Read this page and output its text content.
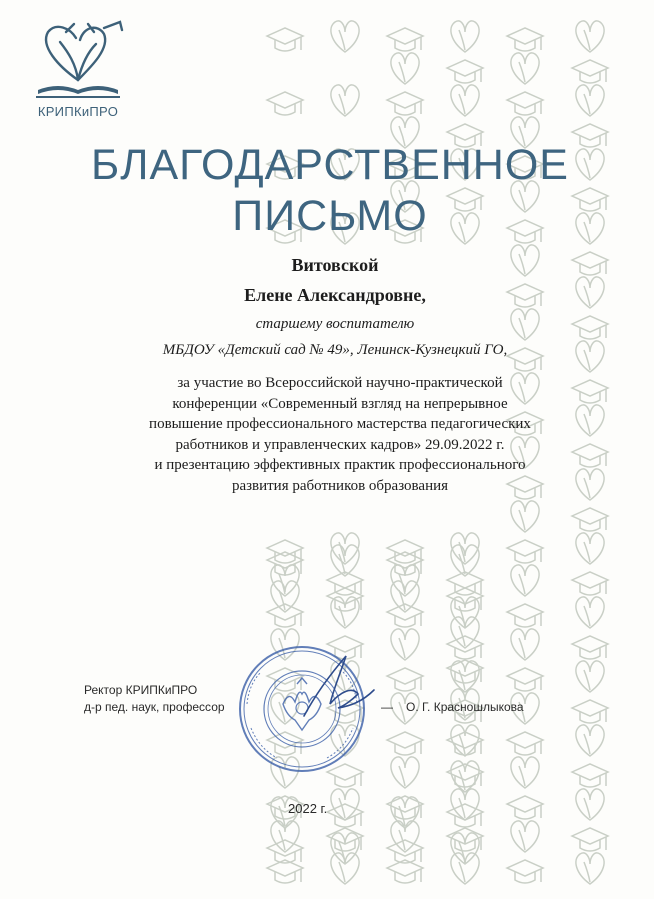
КРИПКиПРО
БЛАГОДАРСТВЕННОЕ
ПИСЬМО
Витовской
Елене Александровне,
старшему воспитателю
МБДОУ «Детский сад № 49», Ленинск-Кузнецкий ГО,
за участие во Всероссийской научно-практической
конференции «Современный взгляд на непрерывное
повышение профессионального мастерства педагогических
работников и управленческих кадров» 29.09.2022 г.
и презентацию эффективных практик профессионального
развития работников образования
Ректор КРИПКиПРО
д-р пед. наук, профессор	— О. Г. Красношлыкова
2022 г.
